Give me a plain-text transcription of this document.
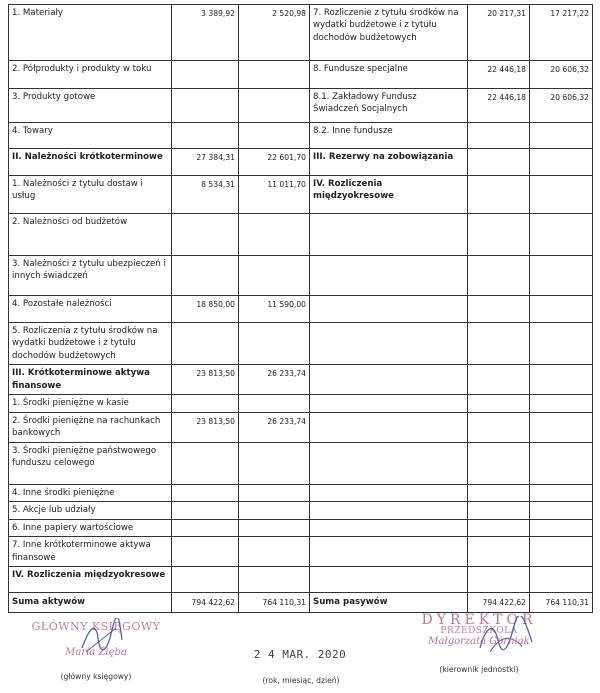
1. Materiały	3 389,92	2 520,98	7. Rozliczenie z tytułu środków na wydatki budżetowe i z tytułu dochodów budżetowych	20 217,31	17 217,22
2. Półprodukty i produkty w toku			8. Fundusze specjalne	22 446,18	20 606,32
3. Produkty gotowe			8.1. Zakładowy Fundusz Świadczeń Socjalnych	22 446,18	20 606,32
4. Towary			8.2. Inne fundusze		
II. Należności krótkoterminowe	27 384,31	22 601,70	III. Rezerwy na zobowiązania		
1. Należności z tytułu dostaw i usług	8 534,31	11 011,70	IV. Rozliczenia międzyokresowe		
2. Należności od budżetów					
3. Należności z tytułu ubezpieczeń i innych świadczeń					
4. Pozostałe należności	18 850,00	11 590,00			
5. Rozliczenia z tytułu środków na wydatki budżetowe i z tytułu dochodów budżetowych					
III. Krótkoterminowe aktywa finansowe	23 813,50	26 233,74			
1. Środki pieniężne w kasie					
2. Środki pieniężne na rachunkach bankowych	23 813,50	26 233,74			
3. Środki pieniężne państwowego funduszu celowego					
4. Inne środki pieniężne					
5. Akcje lub udziały					
6. Inne papiery wartościowe					
7. Inne krótkoterminowe aktywa finansowe					
IV. Rozliczenia międzyokresowe					
Suma aktywów	794 422,62	764 110,31	Suma pasywów	794 422,62	764 110,31
GŁÓWNY KSIĘGOWY
Maria Zięba
(główny księgowy)
2 4 MAR. 2020
(rok, miesiąc, dzień)
DYREKTOR
PRZEDSZKOLA
Małgorzata Górniak
(kierownik jednostki)
